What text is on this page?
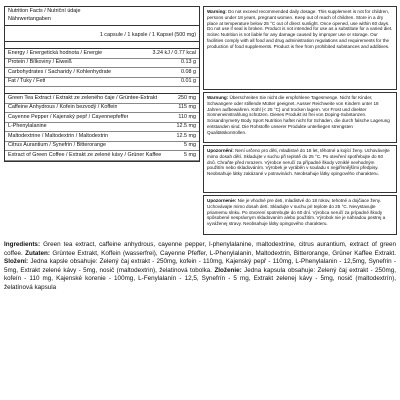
Nutrition Facts / Nutriční údaje
Nährwertangaben
1 capsule / 1 kapsle / 1 Kapsel (500 mg)
Energy / Energetická hodnota / Energie	3.24 kJ / 0.77 kcal
Protein / Bílkoviny / Eiweiß	0.13 g
Carbohydrates / Sacharidy / Kohlenhydrate	0.08 g
Fat / Tuky / Fett	0.01 g
Green Tea Extract / Extrakt ze zeleného čaje / Grüntee-Extrakt	250 mg
Caffeine Anhydrous / Kofein bezvodý / Koffein	115 mg
Cayenne Pepper / Kajenský pepř / Cayennepfeffer	110 mg
L-Phenylalanine	12.5 mg
Maltodextrine / Maltodextrin / Maltodextrin	12.5 mg
Citrus Aurantium / Synefrin / Bitterorange	5 mg
Extract of Green Coffee / Extrakt ze zelené kávy / Grüner Kaffee	5 mg
Warning: Do not exceed recommended daily dosage. This supplement is not for children, persons under 18 years, pregnant women. Keep out of reach of children. Store in a dry place at temperature below 25 °C out of direct sunlight. Once opened, use within 60 days. Do not use if seal is broken. Product is not intended for use as a substitute for a varied diet. Scitec Nutrition is not liable for any damage caused by improper use or storage. Our facilities comply with all food and drug administration regulations and requirements for the production of food supplements. Product is free from prohibited substances and additives.
Warnung: Überschreiten Sie nicht die empfohlene Tagesmenge. Nicht für Kinder, Schwangere oder stillende Mütter geeignet. Ausser Reichweite von Kindern unter 18 Jahren aufbewahren. Kühl (< 25 °C) und trocken lagern. Vor Frost und direkter Sonneneinstrahlung schützen. Dieses Produkt ist frei von Doping-Substanzen. Scisandnymetry Body Sport Nutrition haftet nicht für Schäden, die durch falsche Lagerung entstanden sind. Die Rohstoffe unserer Produkte unterliegen strengsten Qualitätskontrollen.
Upozornění: Není určeno pro děti, mladistvé do 18 let, těhotné a kojící ženy. Uchovávejte mimo dosah dětí. Skladujte v suchu při teplotě do 25 °C. Po otevření spotřebujte do 60 dnů. Chraňte před mrazem. Výrobce neručí za případné škody vzniklé nevhodným použitím nebo skladováním. Výrobek je vyráběn v souladu s nejpřísnějšími předpisy. Neobsahuje látky zakázané v potravinách. Neobsahuje látky opingového charakteru.
Upozornenie: Nie je vhodné pre deti, mladistvé do 18 rokov, tehotné a dojčiace ženy. Uchovávajte mimo dosah detí. Skladujte v suchu pri teplote do 25 °C. Nevystavujte priamemu slnku. Po otvorení spotrebujte do 60 dní. Výrobca neručí za prípadné škody spôsobené nesprávnym skladovaním alebo použitím. Výrobok nie je náhradou pestrej a vyváženej stravy. Neobsahuje látky opingového charakteru.
Ingredients: Green tea extract, caffeine anhydrous, cayenne pepper, l-phenylalanine, maltodextrine, citrus aurantium, extract of green coffee. Zutaten: Grüntee Extrakt, Koffein (wasserfrei), Cayenne Pfeffer, L-Phenylalanin, Maltodextrin, Bitterorange, Grüner Kaffee Extrakt. Složení: Jedna kapsle obsahuje: Zelený čaj extrakt - 250mg, kofein - 110mg, Kajenský pepř - 110mg, L-Phenylalanin - 12,5mg, Synefrin - 5mg, Extrakt zelené kávy - 5mg, nosič (maltodextrin), želatinová tobolka. Zloženie: Jedna kapsula obsahuje: Zelený čaj extrakt - 250mg, kofeín - 110 mg, Kajenské korenie - 100mg, L-Fenylalanín - 12,5, Synefrín - 5 mg, Extrakt zelenej kávy - 5mg, nosič (maltodextrín), želatínová kapsula
